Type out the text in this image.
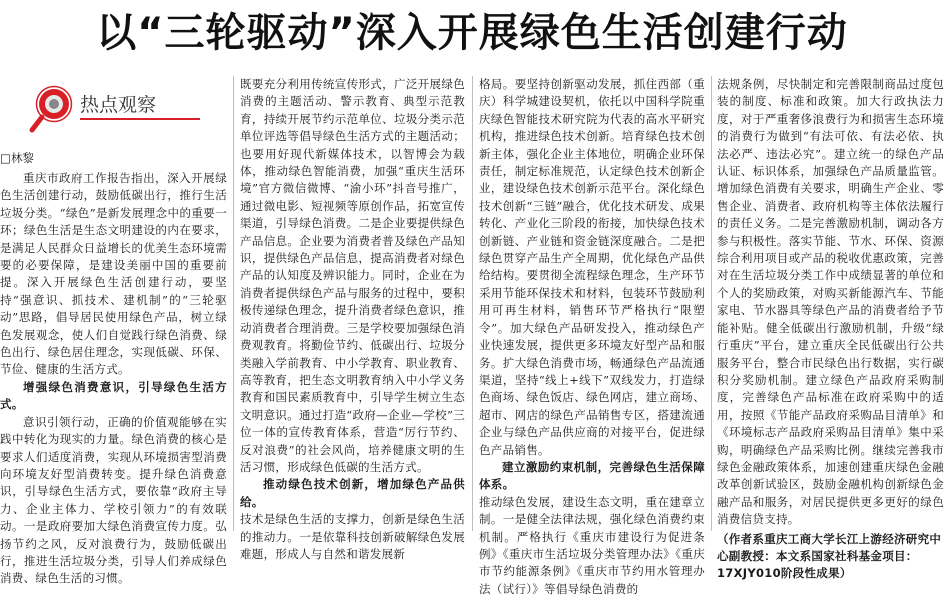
以“三轮驱动”深入开展绿色生活创建行动
热点观察
□林黎

重庆市政府工作报告指出，深入开展绿色生活创建行动，鼓励低碳出行，推行生活垃圾分类。“绿色”是新发展理念中的重要一环；绿色生活是生态文明建设的内在要求，是满足人民群众日益增长的优美生态环境需要的必要保障，是建设美丽中国的重要前提。深入开展绿色生活创建行动，要坚持“强意识、抓技术、建机制”的“三轮驱动”思路，倡导居民使用绿色产品，树立绿色发展观念，使人们自觉践行绿色消费、绿色出行、绿色居住理念，实现低碳、环保、节俭、健康的生活方式。

增强绿色消费意识，引导绿色生活方式。

意识引领行动，正确的价值观能够在实践中转化为现实的力量。绿色消费的核心是要求人们适度消费，实现从环境损害型消费向环境友好型消费转变。提升绿色消费意识，引导绿色生活方式，要依靠“政府主导力、企业主体力、学校引领力”的有效联动。一是政府要加大绿色消费宣传力度。弘扬节约之风，反对浪费行为，鼓励低碳出行，推进生活垃圾分类，引导人们养成绿色消费、绿色生活的习惯。

既要充分利用传统宣传形式，广泛开展绿色消费的主题活动、警示教育、典型示范教育，持续开展节约示范单位、垃圾分类示范单位评选等倡导绿色生活方式的主题活动；也要用好现代新媒体技术，以智博会为载体，推动绿色智能消费，加强“重庆生活环境”官方微信微博、“渝小环”抖音号推广，通过微电影、短视频等原创作品，拓宽宣传渠道，引导绿色消费。二是企业要提供绿色产品信息。企业要为消费者普及绿色产品知识，提供绿色产品信息，提高消费者对绿色产品的认知度及辨识能力。同时，企业在为消费者提供绿色产品与服务的过程中，要积极传递绿色理念，提升消费者绿色意识，推动消费者合理消费。三是学校要加强绿色消费观教育。将勤俭节约、低碳出行、垃圾分类融入学前教育、中小学教育、职业教育、高等教育，把生态文明教育纳入中小学义务教育和国民素质教育中，引导学生树立生态文明意识。通过打造“政府—企业—学校”三位一体的宣传教育体系，营造“厉行节约、反对浪费”的社会风尚，培养健康文明的生活习惯，形成绿色低碳的生活方式。

推动绿色技术创新，增加绿色产品供给。

技术是绿色生活的支撑力，创新是绿色生活的推动力。一是依靠科技创新破解绿色发展难题，形成人与自然和谐发展新

格局。要坚持创新驱动发展，抓住西部（重庆）科学城建设契机，依托以中国科学院重庆绿色智能技术研究院为代表的高水平研究机构，推进绿色技术创新。培育绿色技术创新主体，强化企业主体地位，明确企业环保责任，制定标准规范，认定绿色技术创新企业，建设绿色技术创新示范平台。深化绿色技术创新“三链”融合，优化技术研发、成果转化、产业化三阶段的衔接，加快绿色技术创新链、产业链和资金链深度融合。二是把绿色贯穿产品生产全周期，优化绿色产品供给结构。要贯彻全流程绿色理念，生产环节采用节能环保技术和材料，包装环节鼓励利用可再生材料，销售环节严格执行“限塑令”。加大绿色产品研发投入，推动绿色产业快速发展，提供更多环境友好型产品和服务。扩大绿色消费市场，畅通绿色产品流通渠道，坚持“线上+线下”双线发力，打造绿色商场、绿色饭店、绿色网店，建立商场、超市、网店的绿色产品销售专区，搭建流通企业与绿色产品供应商的对接平台，促进绿色产品销售。

建立激励约束机制，完善绿色生活保障体系。

推动绿色发展，建设生态文明，重在建章立制。一是健全法律法规，强化绿色消费约束机制。严格执行《重庆市建设行为促进条例》《重庆市生活垃圾分类管理办法》《重庆市节约能源条例》《重庆市节约用水管理办法（试行）》等倡导绿色消费的

法规条例，尽快制定和完善限制商品过度包装的制度、标准和政策。加大行政执法力度，对于严重奢侈浪费行为和损害生态环境的消费行为做到“有法可依、有法必依、执法必严、违法必究”。建立统一的绿色产品认证、标识体系，加强绿色产品质量监管。增加绿色消费有关要求，明确生产企业、零售企业、消费者、政府机构等主体依法履行的责任义务。二是完善激励机制，调动各方参与积极性。落实节能、节水、环保、资源综合利用项目或产品的税收优惠政策，完善对在生活垃圾分类工作中成绩显著的单位和个人的奖励政策，对购买新能源汽车、节能家电、节水器具等绿色产品的消费者给予节能补贴。健全低碳出行激励机制，升级“绿行重庆”平台，建立重庆全民低碳出行公共服务平台，整合市民绿色出行数据，实行碳积分奖励机制。建立绿色产品政府采购制度，完善绿色产品标准在政府采购中的适用，按照《节能产品政府采购品目清单》和《环境标志产品政府采购品目清单》集中采购，明确绿色产品采购比例。继续完善我市绿色金融政策体系，加速创建重庆绿色金融改革创新试验区，鼓励金融机构创新绿色金融产品和服务，对居民提供更多更好的绿色消费信贷支持。

（作者系重庆工商大学长江上游经济研究中心副教授：本文系国家社科基金项目：17XJY010阶段性成果）
